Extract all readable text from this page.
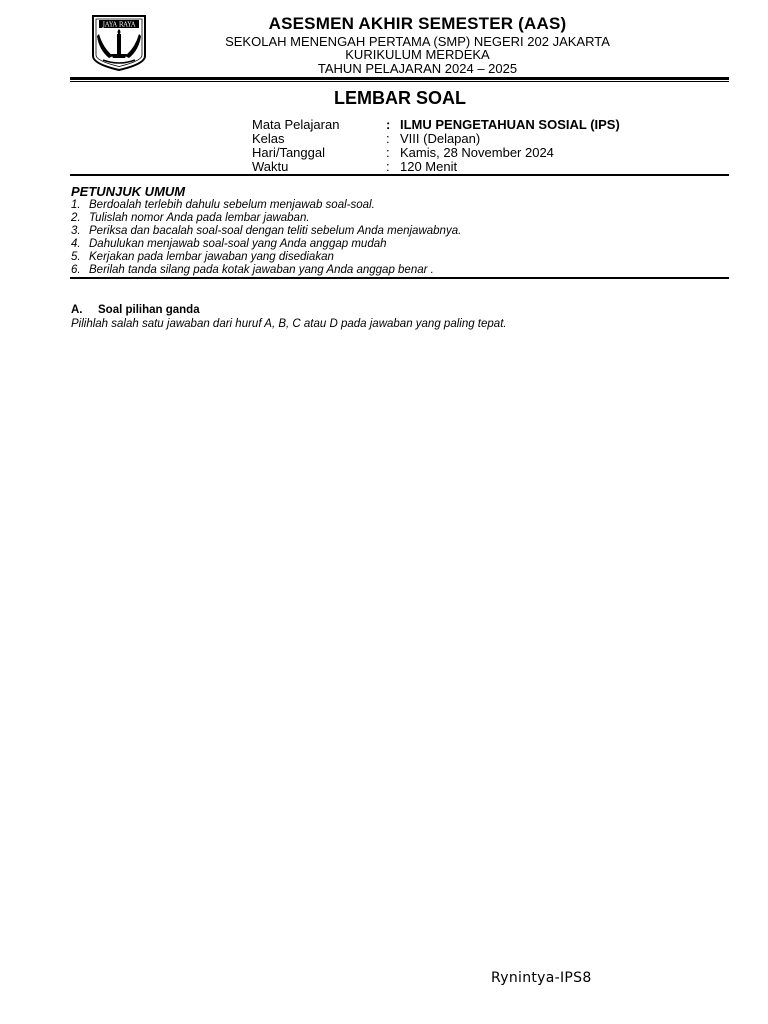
JAYA RAYA	ASESMEN AKHIR SEMESTER (AAS)
SEKOLAH MENENGAH PERTAMA (SMP) NEGERI 202 JAKARTA
KURIKULUM MERDEKA
TAHUN PELAJARAN 2024 – 2025
LEMBAR SOAL
Mata Pelajaran	: ILMU PENGETAHUAN SOSIAL (IPS)
Kelas	: VIII (Delapan)
Hari/Tanggal	: Kamis, 28 November 2024
Waktu	: 120 Menit
PETUNJUK UMUM
1. Berdoalah terlebih dahulu sebelum menjawab soal-soal.
2. Tulislah nomor Anda pada lembar jawaban.
3. Periksa dan bacalah soal-soal dengan teliti sebelum Anda menjawabnya.
4. Dahulukan menjawab soal-soal yang Anda anggap mudah
5. Kerjakan pada lembar jawaban yang disediakan
6. Berilah tanda silang pada kotak jawaban yang Anda anggap benar .
A. Soal pilihan ganda
Pilihlah salah satu jawaban dari huruf A, B, C atau D pada jawaban yang paling tepat.
Rynintya-IPS8
